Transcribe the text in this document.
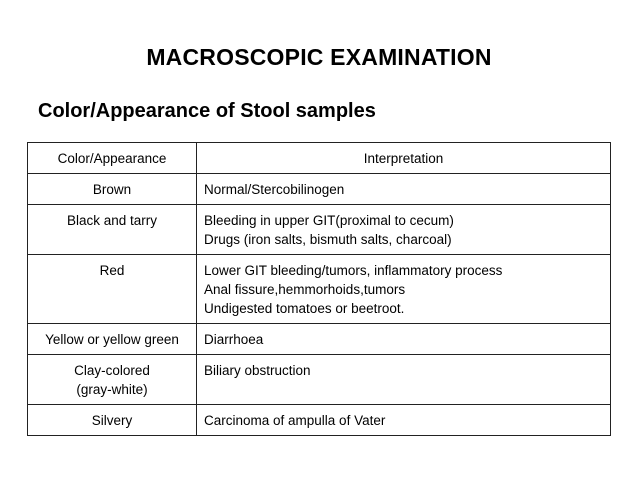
MACROSCOPIC EXAMINATION
Color/Appearance of Stool samples
Color/Appearance	Interpretation

Brown	Normal/Stercobilinogen

Black and tarry	Bleeding in upper GIT(proximal to cecum)
Drugs (iron salts, bismuth salts, charcoal)

Red	Lower GIT bleeding/tumors, inflammatory process
Anal fissure,hemmorhoids,tumors
Undigested tomatoes or beetroot.

Yellow or yellow green	Diarrhoea

Clay-colored
(gray-white)	Biliary obstruction

Silvery	Carcinoma of ampulla of Vater
